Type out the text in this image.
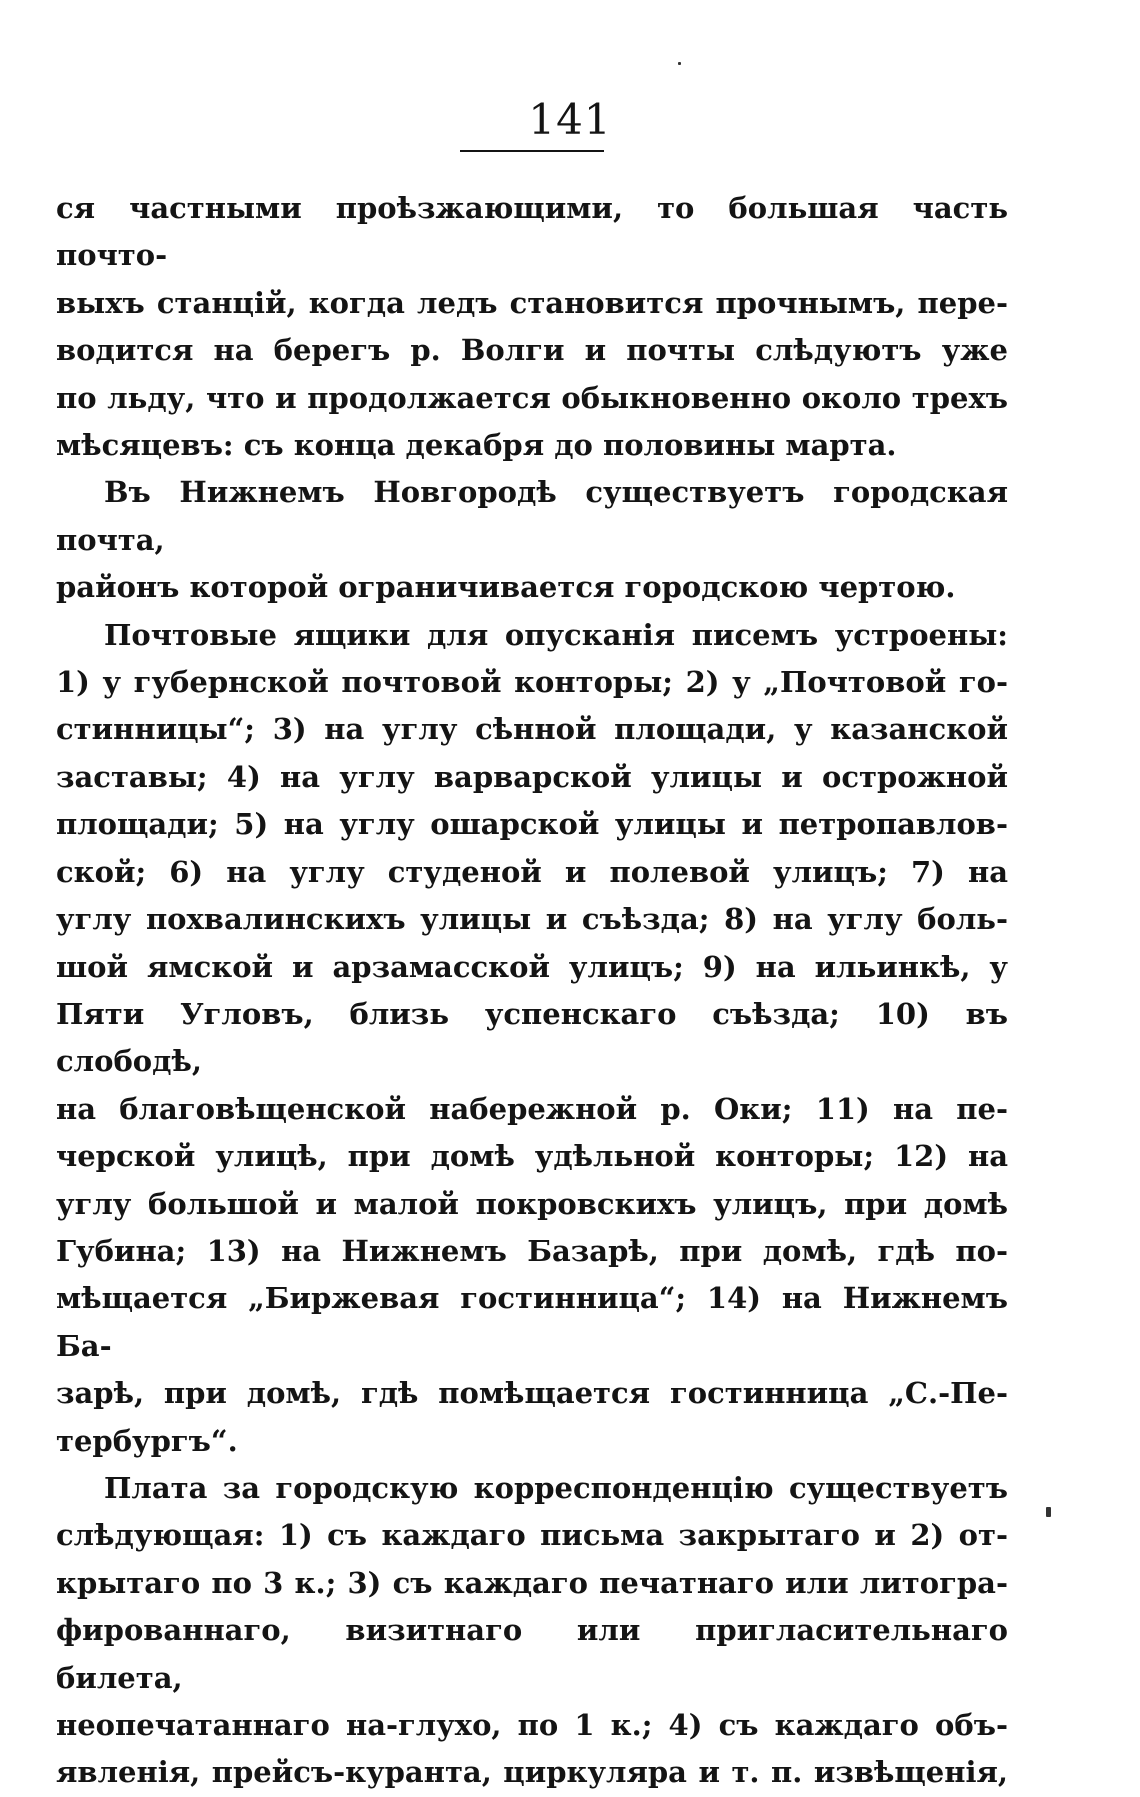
141

ся частными проѣзжающими, то большая часть почто-

выхъ станцій, когда ледъ становится прочнымъ, пере-

водится на берегъ р. Волги и почты слѣдуютъ уже

по льду, что и продолжается обыкновенно около трехъ

мѣсяцевъ: съ конца декабря до половины марта.

Въ Нижнемъ Новгородѣ существуетъ городская почта,

районъ которой ограничивается городскою чертою.

Почтовые ящики для опусканія писемъ устроены:

1) у губернской почтовой конторы; 2) у „Почтовой го-

стинницы“; 3) на углу сѣнной площади, у казанской

заставы; 4) на углу варварской улицы и острожной

площади; 5) на углу ошарской улицы и петропавлов-

ской; 6) на углу студеной и полевой улицъ; 7) на

углу похвалинскихъ улицы и съѣзда; 8) на углу боль-

шой ямской и арзамасской улицъ; 9) на ильинкѣ, у

Пяти Угловъ, близь успенскаго съѣзда; 10) въ слободѣ,

на благовѣщенской набережной р. Оки; 11) на пе-

черской улицѣ, при домѣ удѣльной конторы; 12) на

углу большой и малой покровскихъ улицъ, при домѣ

Губина; 13) на Нижнемъ Базарѣ, при домѣ, гдѣ по-

мѣщается „Биржевая гостинница“; 14) на Нижнемъ Ба-

зарѣ, при домѣ, гдѣ помѣщается гостинница „С.-Пе-

тербургъ“.

Плата за городскую корреспонденцію существуетъ

слѣдующая: 1) съ каждаго письма закрытаго и 2) от-

крытаго по 3 к.; 3) съ каждаго печатнаго или литогра-

фированнаго, визитнаго или пригласительнаго билета,

неопечатаннаго на-глухо, по 1 к.; 4) съ каждаго объ-

явленія, прейсъ-куранта, циркуляра и т. п. извѣщенія,
